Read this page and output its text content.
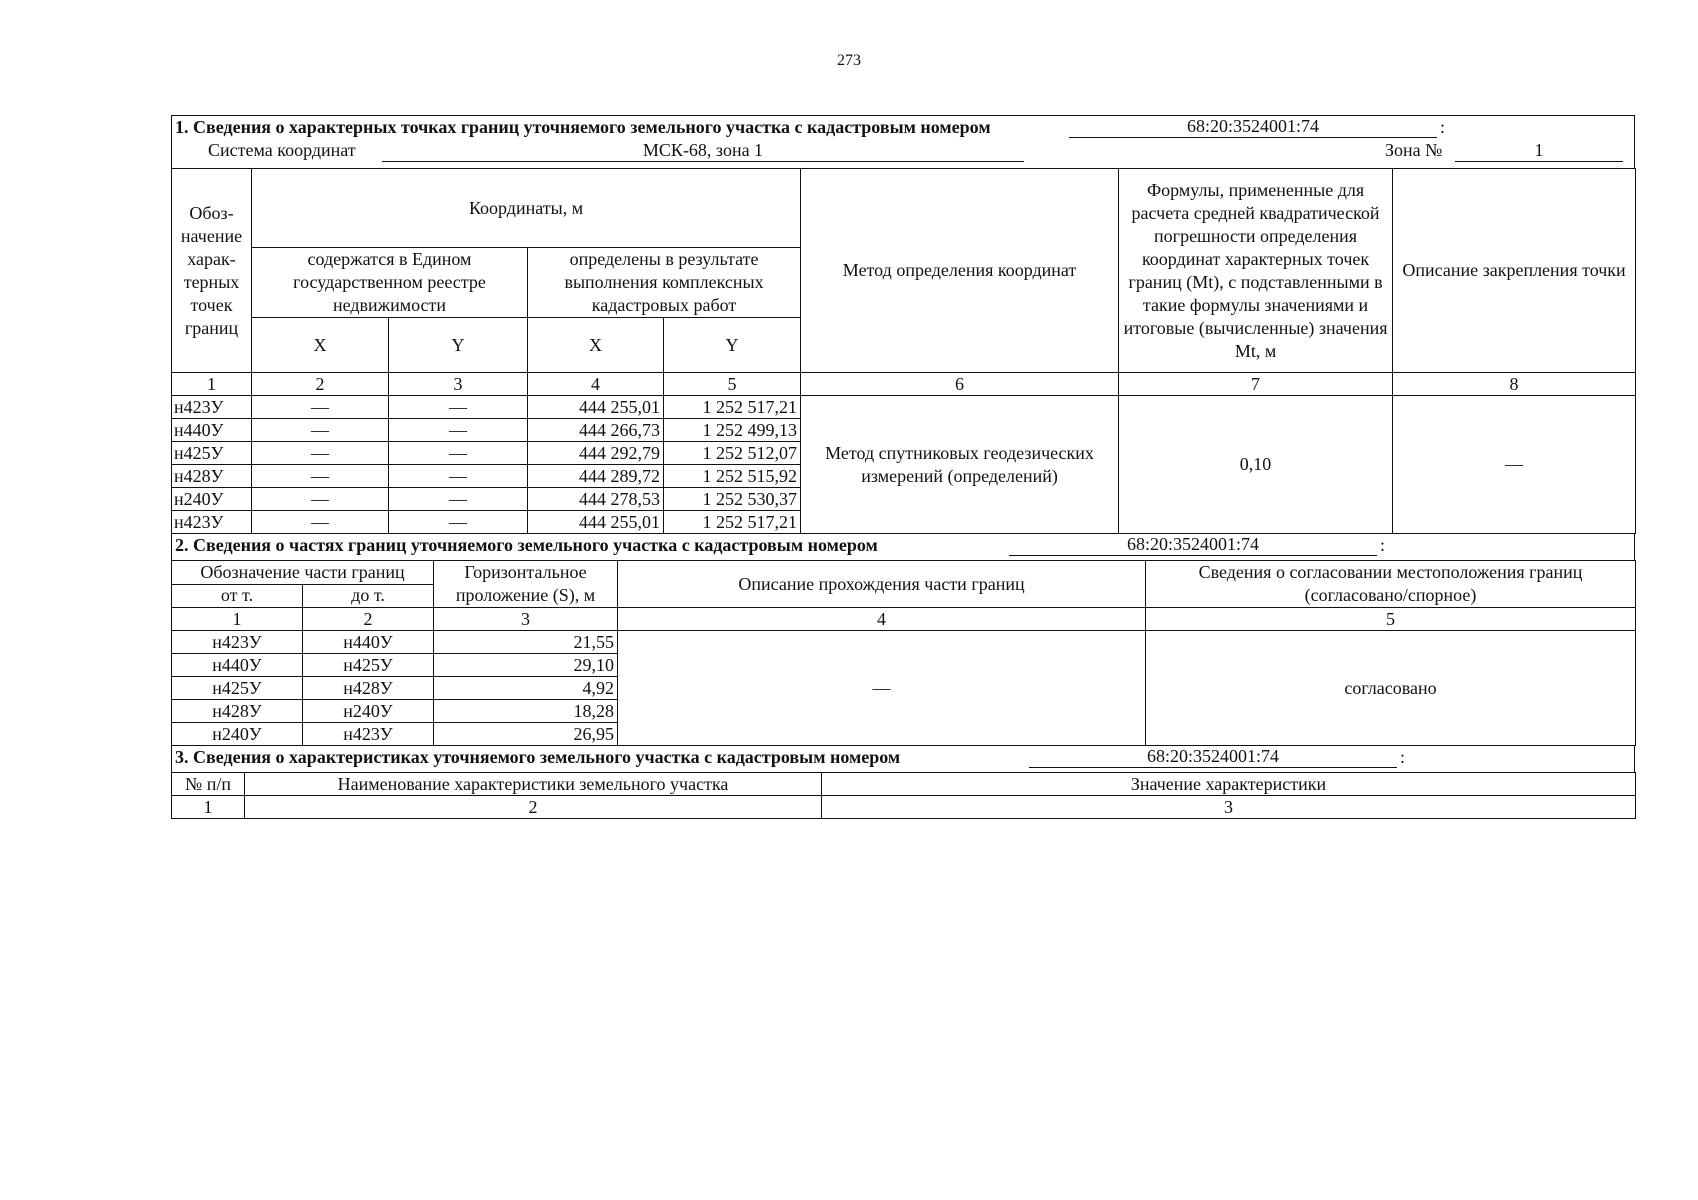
273
1. Сведения о характерных точках границ уточняемого земельного участка с кадастровым номером	68:20:3524001:74	:
Система координат	МСК-68, зона 1	Зона №	1
Обоз-начение харак-терных точек границ	Координаты, м				Метод определения координат	Формулы, примененные для расчета средней квадратической погрешности определения координат характерных точек границ (Mt), с подставленными в такие формулы значениями и итоговые (вычисленные) значения Mt, м	Описание закрепления точки
	содержатся в Едином государственном реестре недвижимости		определены в результате выполнения комплексных кадастровых работ				
	X	Y	X	Y			
1	2	3	4	5	6	7	8
н423У	—	—	444 255,01	1 252 517,21	Метод спутниковых геодезических измерений (определений)	0,10	—
н440У	—	—	444 266,73	1 252 499,13			
н425У	—	—	444 292,79	1 252 512,07			
н428У	—	—	444 289,72	1 252 515,92			
н240У	—	—	444 278,53	1 252 530,37			
н423У	—	—	444 255,01	1 252 517,21			
2. Сведения о частях границ уточняемого земельного участка с кадастровым номером	68:20:3524001:74	:
Обозначение части границ		Горизонтальное проложение (S), м	Описание прохождения части границ	Сведения о согласовании местоположения границ (согласовано/спорное)
от т.	до т.			
1	2	3	4	5
н423У	н440У	21,55	—	согласовано
н440У	н425У	29,10		
н425У	н428У	4,92		
н428У	н240У	18,28		
н240У	н423У	26,95		
3. Сведения о характеристиках уточняемого земельного участка с кадастровым номером	68:20:3524001:74	:
№ п/п	Наименование характеристики земельного участка	Значение характеристики
1	2	3
